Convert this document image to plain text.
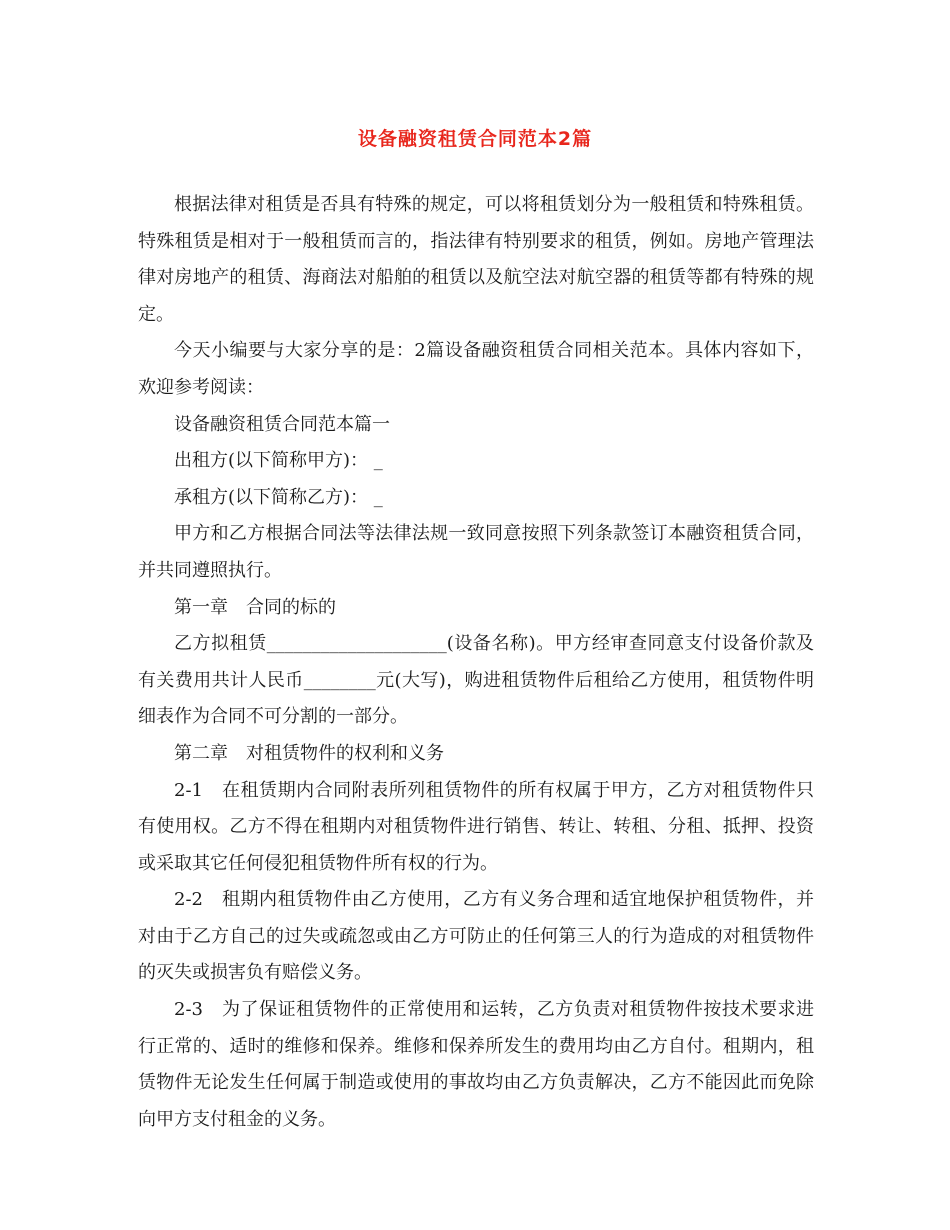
设备融资租赁合同范本2篇

根据法律对租赁是否具有特殊的规定，可以将租赁划分为一般租赁和特殊租赁。特殊租赁是相对于一般租赁而言的，指法律有特别要求的租赁，例如。房地产管理法律对房地产的租赁、海商法对船舶的租赁以及航空法对航空器的租赁等都有特殊的规定。

今天小编要与大家分享的是：2篇设备融资租赁合同相关范本。具体内容如下，欢迎参考阅读：

设备融资租赁合同范本篇一

出租方(以下简称甲方)： _

承租方(以下简称乙方)： _

甲方和乙方根据合同法等法律法规一致同意按照下列条款签订本融资租赁合同，并共同遵照执行。

第一章　合同的标的

乙方拟租赁____________________(设备名称)。甲方经审查同意支付设备价款及有关费用共计人民币________元(大写)，购进租赁物件后租给乙方使用，租赁物件明细表作为合同不可分割的一部分。

第二章　对租赁物件的权利和义务

2-1　在租赁期内合同附表所列租赁物件的所有权属于甲方，乙方对租赁物件只有使用权。乙方不得在租期内对租赁物件进行销售、转让、转租、分租、抵押、投资或采取其它任何侵犯租赁物件所有权的行为。

2-2　租期内租赁物件由乙方使用，乙方有义务合理和适宜地保护租赁物件，并对由于乙方自己的过失或疏忽或由乙方可防止的任何第三人的行为造成的对租赁物件的灭失或损害负有赔偿义务。

2-3　为了保证租赁物件的正常使用和运转，乙方负责对租赁物件按技术要求进行正常的、适时的维修和保养。维修和保养所发生的费用均由乙方自付。租期内，租赁物件无论发生任何属于制造或使用的事故均由乙方负责解决，乙方不能因此而免除向甲方支付租金的义务。
